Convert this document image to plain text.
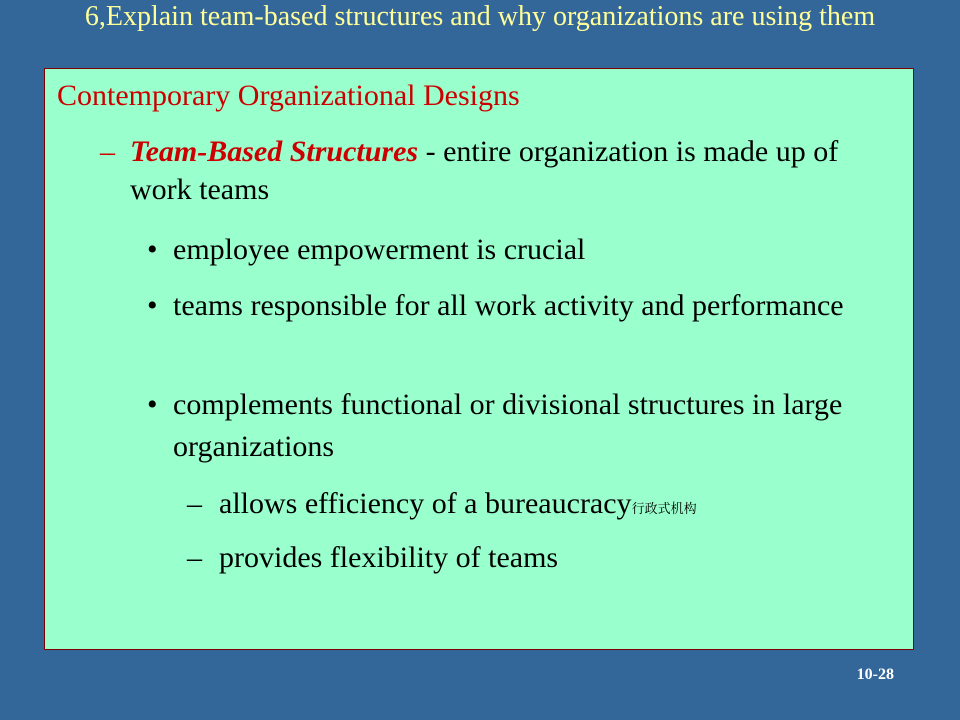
6,Explain team-based structures and why organizations are using them
Contemporary Organizational Designs
– Team-Based Structures - entire organization is made up of work teams
• employee empowerment is crucial
• teams responsible for all work activity and performance
• complements functional or divisional structures in large organizations
– allows efficiency of a bureaucracy行政式机构
– provides flexibility of teams
10-28
